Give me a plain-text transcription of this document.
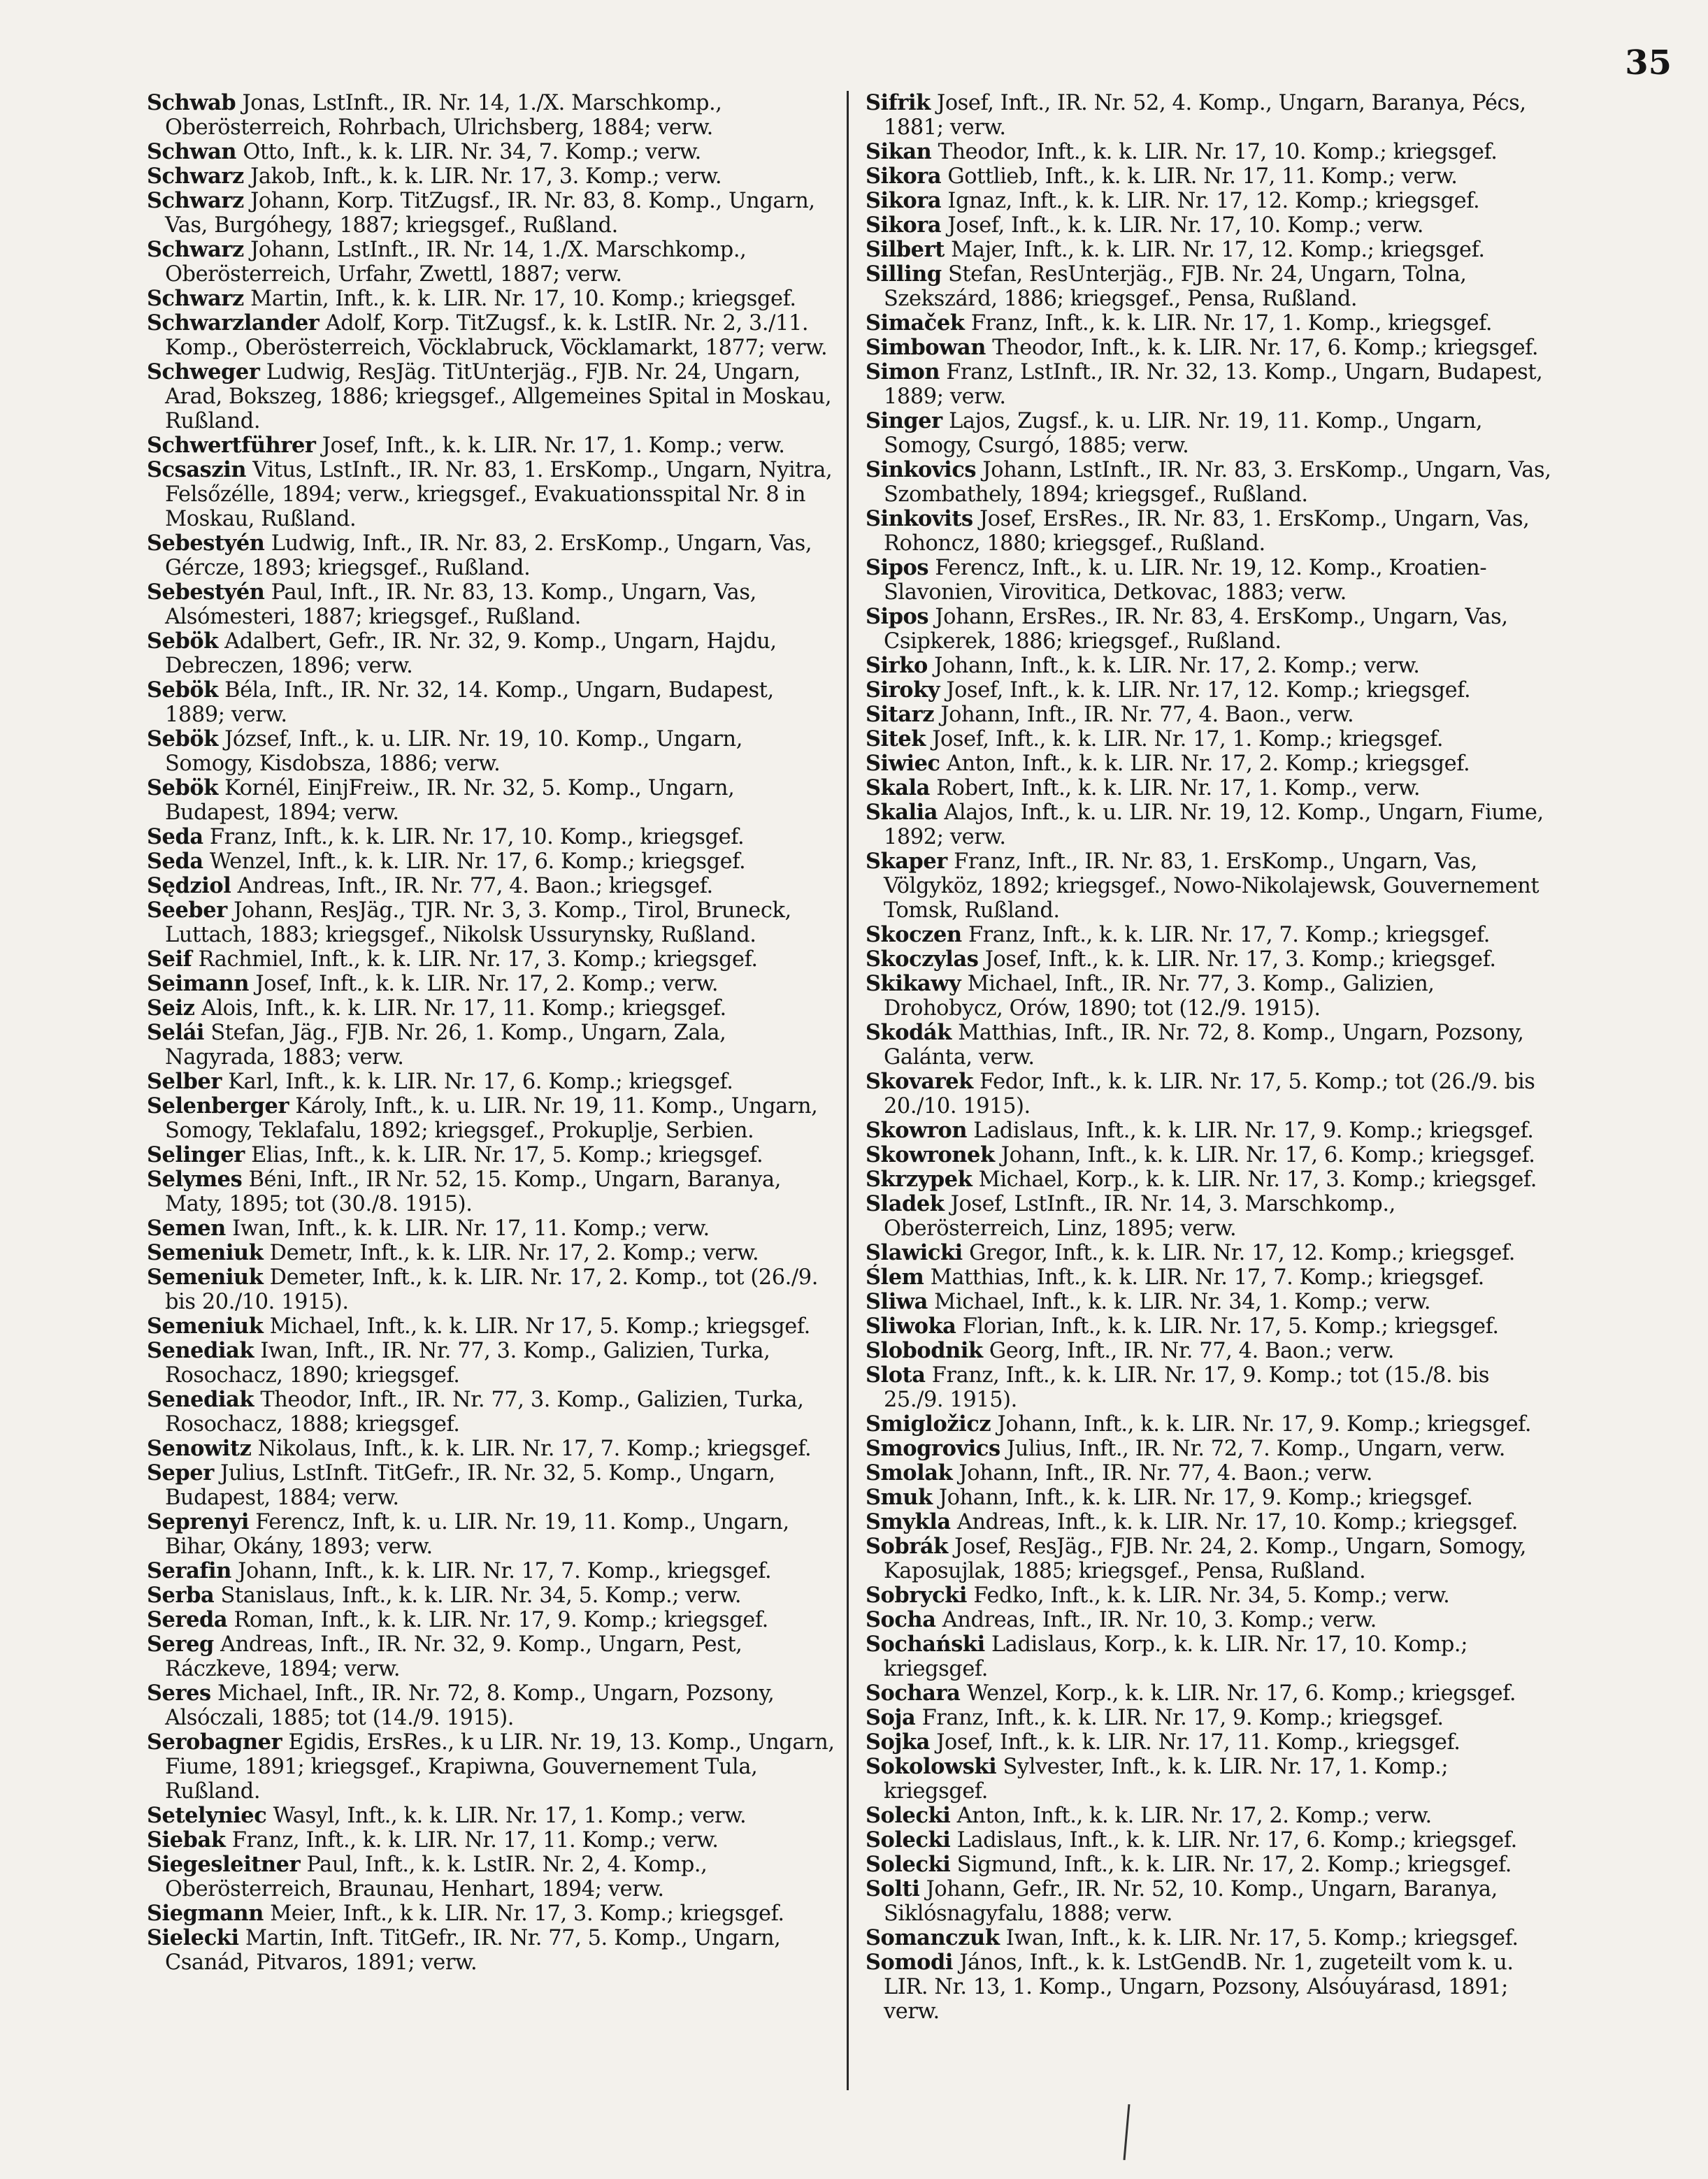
35

Schwab Jonas, LstInft., IR. Nr. 14, 1./X. Marschkomp., Oberösterreich, Rohrbach, Ulrichsberg, 1884; verw.

Schwan Otto, Inft., k. k. LIR. Nr. 34, 7. Komp.; verw.

Schwarz Jakob, Inft., k. k. LIR. Nr. 17, 3. Komp.; verw.

Schwarz Johann, Korp. TitZugsf., IR. Nr. 83, 8. Komp., Ungarn, Vas, Burgóhegy, 1887; kriegsgef., Rußland.

Schwarz Johann, LstInft., IR. Nr. 14, 1./X. Marschkomp., Oberösterreich, Urfahr, Zwettl, 1887; verw.

Schwarz Martin, Inft., k. k. LIR. Nr. 17, 10. Komp.; kriegsgef.

Schwarzlander Adolf, Korp. TitZugsf., k. k. LstIR. Nr. 2, 3./11. Komp., Oberösterreich, Vöcklabruck, Vöcklamarkt, 1877; verw.

Schweger Ludwig, ResJäg. TitUnterjäg., FJB. Nr. 24, Ungarn, Arad, Bokszeg, 1886; kriegsgef., Allgemeines Spital in Moskau, Rußland.

Schwertführer Josef, Inft., k. k. LIR. Nr. 17, 1. Komp.; verw.

Scsaszin Vitus, LstInft., IR. Nr. 83, 1. ErsKomp., Ungarn, Nyitra, Felsőzélle, 1894; verw., kriegsgef., Evakuationsspital Nr. 8 in Moskau, Rußland.

Sebestyén Ludwig, Inft., IR. Nr. 83, 2. ErsKomp., Ungarn, Vas, Gércze, 1893; kriegsgef., Rußland.

Sebestyén Paul, Inft., IR. Nr. 83, 13. Komp., Ungarn, Vas, Alsómesteri, 1887; kriegsgef., Rußland.

Sebök Adalbert, Gefr., IR. Nr. 32, 9. Komp., Ungarn, Hajdu, Debreczen, 1896; verw.

Sebök Béla, Inft., IR. Nr. 32, 14. Komp., Ungarn, Budapest, 1889; verw.

Sebök József, Inft., k. u. LIR. Nr. 19, 10. Komp., Ungarn, Somogy, Kisdobsza, 1886; verw.

Sebök Kornél, EinjFreiw., IR. Nr. 32, 5. Komp., Ungarn, Budapest, 1894; verw.

Seda Franz, Inft., k. k. LIR. Nr. 17, 10. Komp., kriegsgef.

Seda Wenzel, Inft., k. k. LIR. Nr. 17, 6. Komp.; kriegsgef.

Sędziol Andreas, Inft., IR. Nr. 77, 4. Baon.; kriegsgef.

Seeber Johann, ResJäg., TJR. Nr. 3, 3. Komp., Tirol, Bruneck, Luttach, 1883; kriegsgef., Nikolsk Ussurynsky, Rußland.

Seif Rachmiel, Inft., k. k. LIR. Nr. 17, 3. Komp.; kriegsgef.

Seimann Josef, Inft., k. k. LIR. Nr. 17, 2. Komp.; verw.

Seiz Alois, Inft., k. k. LIR. Nr. 17, 11. Komp.; kriegsgef.

Selái Stefan, Jäg., FJB. Nr. 26, 1. Komp., Ungarn, Zala, Nagyrada, 1883; verw.

Selber Karl, Inft., k. k. LIR. Nr. 17, 6. Komp.; kriegsgef.

Selenberger Károly, Inft., k. u. LIR. Nr. 19, 11. Komp., Ungarn, Somogy, Teklafalu, 1892; kriegsgef., Prokuplje, Serbien.

Selinger Elias, Inft., k. k. LIR. Nr. 17, 5. Komp.; kriegsgef.

Selymes Béni, Inft., IR Nr. 52, 15. Komp., Ungarn, Baranya, Maty, 1895; tot (30./8. 1915).

Semen Iwan, Inft., k. k. LIR. Nr. 17, 11. Komp.; verw.

Semeniuk Demetr, Inft., k. k. LIR. Nr. 17, 2. Komp.; verw.

Semeniuk Demeter, Inft., k. k. LIR. Nr. 17, 2. Komp., tot (26./9. bis 20./10. 1915).

Semeniuk Michael, Inft., k. k. LIR. Nr 17, 5. Komp.; kriegsgef.

Senediak Iwan, Inft., IR. Nr. 77, 3. Komp., Galizien, Turka, Rosochacz, 1890; kriegsgef.

Senediak Theodor, Inft., IR. Nr. 77, 3. Komp., Galizien, Turka, Rosochacz, 1888; kriegsgef.

Senowitz Nikolaus, Inft., k. k. LIR. Nr. 17, 7. Komp.; kriegsgef.

Seper Julius, LstInft. TitGefr., IR. Nr. 32, 5. Komp., Ungarn, Budapest, 1884; verw.

Seprenyi Ferencz, Inft, k. u. LIR. Nr. 19, 11. Komp., Ungarn, Bihar, Okány, 1893; verw.

Serafin Johann, Inft., k. k. LIR. Nr. 17, 7. Komp., kriegsgef.

Serba Stanislaus, Inft., k. k. LIR. Nr. 34, 5. Komp.; verw.

Sereda Roman, Inft., k. k. LIR. Nr. 17, 9. Komp.; kriegsgef.

Sereg Andreas, Inft., IR. Nr. 32, 9. Komp., Ungarn, Pest, Ráczkeve, 1894; verw.

Seres Michael, Inft., IR. Nr. 72, 8. Komp., Ungarn, Pozsony, Alsóczali, 1885; tot (14./9. 1915).

Serobagner Egidis, ErsRes., k u LIR. Nr. 19, 13. Komp., Ungarn, Fiume, 1891; kriegsgef., Krapiwna, Gouvernement Tula, Rußland.

Setelyniec Wasyl, Inft., k. k. LIR. Nr. 17, 1. Komp.; verw.

Siebak Franz, Inft., k. k. LIR. Nr. 17, 11. Komp.; verw.

Siegesleitner Paul, Inft., k. k. LstIR. Nr. 2, 4. Komp., Oberösterreich, Braunau, Henhart, 1894; verw.

Siegmann Meier, Inft., k k. LIR. Nr. 17, 3. Komp.; kriegsgef.

Sielecki Martin, Inft. TitGefr., IR. Nr. 77, 5. Komp., Ungarn, Csanád, Pitvaros, 1891; verw.

Sifrik Josef, Inft., IR. Nr. 52, 4. Komp., Ungarn, Baranya, Pécs, 1881; verw.

Sikan Theodor, Inft., k. k. LIR. Nr. 17, 10. Komp.; kriegsgef.

Sikora Gottlieb, Inft., k. k. LIR. Nr. 17, 11. Komp.; verw.

Sikora Ignaz, Inft., k. k. LIR. Nr. 17, 12. Komp.; kriegsgef.

Sikora Josef, Inft., k. k. LIR. Nr. 17, 10. Komp.; verw.

Silbert Majer, Inft., k. k. LIR. Nr. 17, 12. Komp.; kriegsgef.

Silling Stefan, ResUnterjäg., FJB. Nr. 24, Ungarn, Tolna, Szekszárd, 1886; kriegsgef., Pensa, Rußland.

Simaček Franz, Inft., k. k. LIR. Nr. 17, 1. Komp., kriegsgef.

Simbowan Theodor, Inft., k. k. LIR. Nr. 17, 6. Komp.; kriegsgef.

Simon Franz, LstInft., IR. Nr. 32, 13. Komp., Ungarn, Budapest, 1889; verw.

Singer Lajos, Zugsf., k. u. LIR. Nr. 19, 11. Komp., Ungarn, Somogy, Csurgó, 1885; verw.

Sinkovics Johann, LstInft., IR. Nr. 83, 3. ErsKomp., Ungarn, Vas, Szombathely, 1894; kriegsgef., Rußland.

Sinkovits Josef, ErsRes., IR. Nr. 83, 1. ErsKomp., Ungarn, Vas, Rohoncz, 1880; kriegsgef., Rußland.

Sipos Ferencz, Inft., k. u. LIR. Nr. 19, 12. Komp., Kroatien-Slavonien, Virovitica, Detkovac, 1883; verw.

Sipos Johann, ErsRes., IR. Nr. 83, 4. ErsKomp., Ungarn, Vas, Csipkerek, 1886; kriegsgef., Rußland.

Sirko Johann, Inft., k. k. LIR. Nr. 17, 2. Komp.; verw.

Siroky Josef, Inft., k. k. LIR. Nr. 17, 12. Komp.; kriegsgef.

Sitarz Johann, Inft., IR. Nr. 77, 4. Baon., verw.

Sitek Josef, Inft., k. k. LIR. Nr. 17, 1. Komp.; kriegsgef.

Siwiec Anton, Inft., k. k. LIR. Nr. 17, 2. Komp.; kriegsgef.

Skala Robert, Inft., k. k. LIR. Nr. 17, 1. Komp., verw.

Skalia Alajos, Inft., k. u. LIR. Nr. 19, 12. Komp., Ungarn, Fiume, 1892; verw.

Skaper Franz, Inft., IR. Nr. 83, 1. ErsKomp., Ungarn, Vas, Völgyköz, 1892; kriegsgef., Nowo-Nikolajewsk, Gouvernement Tomsk, Rußland.

Skoczen Franz, Inft., k. k. LIR. Nr. 17, 7. Komp.; kriegsgef.

Skoczylas Josef, Inft., k. k. LIR. Nr. 17, 3. Komp.; kriegsgef.

Skikawy Michael, Inft., IR. Nr. 77, 3. Komp., Galizien, Drohobycz, Orów, 1890; tot (12./9. 1915).

Skodák Matthias, Inft., IR. Nr. 72, 8. Komp., Ungarn, Pozsony, Galánta, verw.

Skovarek Fedor, Inft., k. k. LIR. Nr. 17, 5. Komp.; tot (26./9. bis 20./10. 1915).

Skowron Ladislaus, Inft., k. k. LIR. Nr. 17, 9. Komp.; kriegsgef.

Skowronek Johann, Inft., k. k. LIR. Nr. 17, 6. Komp.; kriegsgef.

Skrzypek Michael, Korp., k. k. LIR. Nr. 17, 3. Komp.; kriegsgef.

Sladek Josef, LstInft., IR. Nr. 14, 3. Marschkomp., Oberösterreich, Linz, 1895; verw.

Slawicki Gregor, Inft., k. k. LIR. Nr. 17, 12. Komp.; kriegsgef.

Ślem Matthias, Inft., k. k. LIR. Nr. 17, 7. Komp.; kriegsgef.

Sliwa Michael, Inft., k. k. LIR. Nr. 34, 1. Komp.; verw.

Sliwoka Florian, Inft., k. k. LIR. Nr. 17, 5. Komp.; kriegsgef.

Slobodnik Georg, Inft., IR. Nr. 77, 4. Baon.; verw.

Slota Franz, Inft., k. k. LIR. Nr. 17, 9. Komp.; tot (15./8. bis 25./9. 1915).

Smigložicz Johann, Inft., k. k. LIR. Nr. 17, 9. Komp.; kriegsgef.

Smogrovics Julius, Inft., IR. Nr. 72, 7. Komp., Ungarn, verw.

Smolak Johann, Inft., IR. Nr. 77, 4. Baon.; verw.

Smuk Johann, Inft., k. k. LIR. Nr. 17, 9. Komp.; kriegsgef.

Smykla Andreas, Inft., k. k. LIR. Nr. 17, 10. Komp.; kriegsgef.

Sobrák Josef, ResJäg., FJB. Nr. 24, 2. Komp., Ungarn, Somogy, Kaposujlak, 1885; kriegsgef., Pensa, Rußland.

Sobrycki Fedko, Inft., k. k. LIR. Nr. 34, 5. Komp.; verw.

Socha Andreas, Inft., IR. Nr. 10, 3. Komp.; verw.

Sochański Ladislaus, Korp., k. k. LIR. Nr. 17, 10. Komp.; kriegsgef.

Sochara Wenzel, Korp., k. k. LIR. Nr. 17, 6. Komp.; kriegsgef.

Soja Franz, Inft., k. k. LIR. Nr. 17, 9. Komp.; kriegsgef.

Sojka Josef, Inft., k. k. LIR. Nr. 17, 11. Komp., kriegsgef.

Sokolowski Sylvester, Inft., k. k. LIR. Nr. 17, 1. Komp.; kriegsgef.

Solecki Anton, Inft., k. k. LIR. Nr. 17, 2. Komp.; verw.

Solecki Ladislaus, Inft., k. k. LIR. Nr. 17, 6. Komp.; kriegsgef.

Solecki Sigmund, Inft., k. k. LIR. Nr. 17, 2. Komp.; kriegsgef.

Solti Johann, Gefr., IR. Nr. 52, 10. Komp., Ungarn, Baranya, Siklósnagyfalu, 1888; verw.

Somanczuk Iwan, Inft., k. k. LIR. Nr. 17, 5. Komp.; kriegsgef.

Somodi János, Inft., k. k. LstGendB. Nr. 1, zugeteilt vom k. u. LIR. Nr. 13, 1. Komp., Ungarn, Pozsony, Alsóuyárasd, 1891; verw.
